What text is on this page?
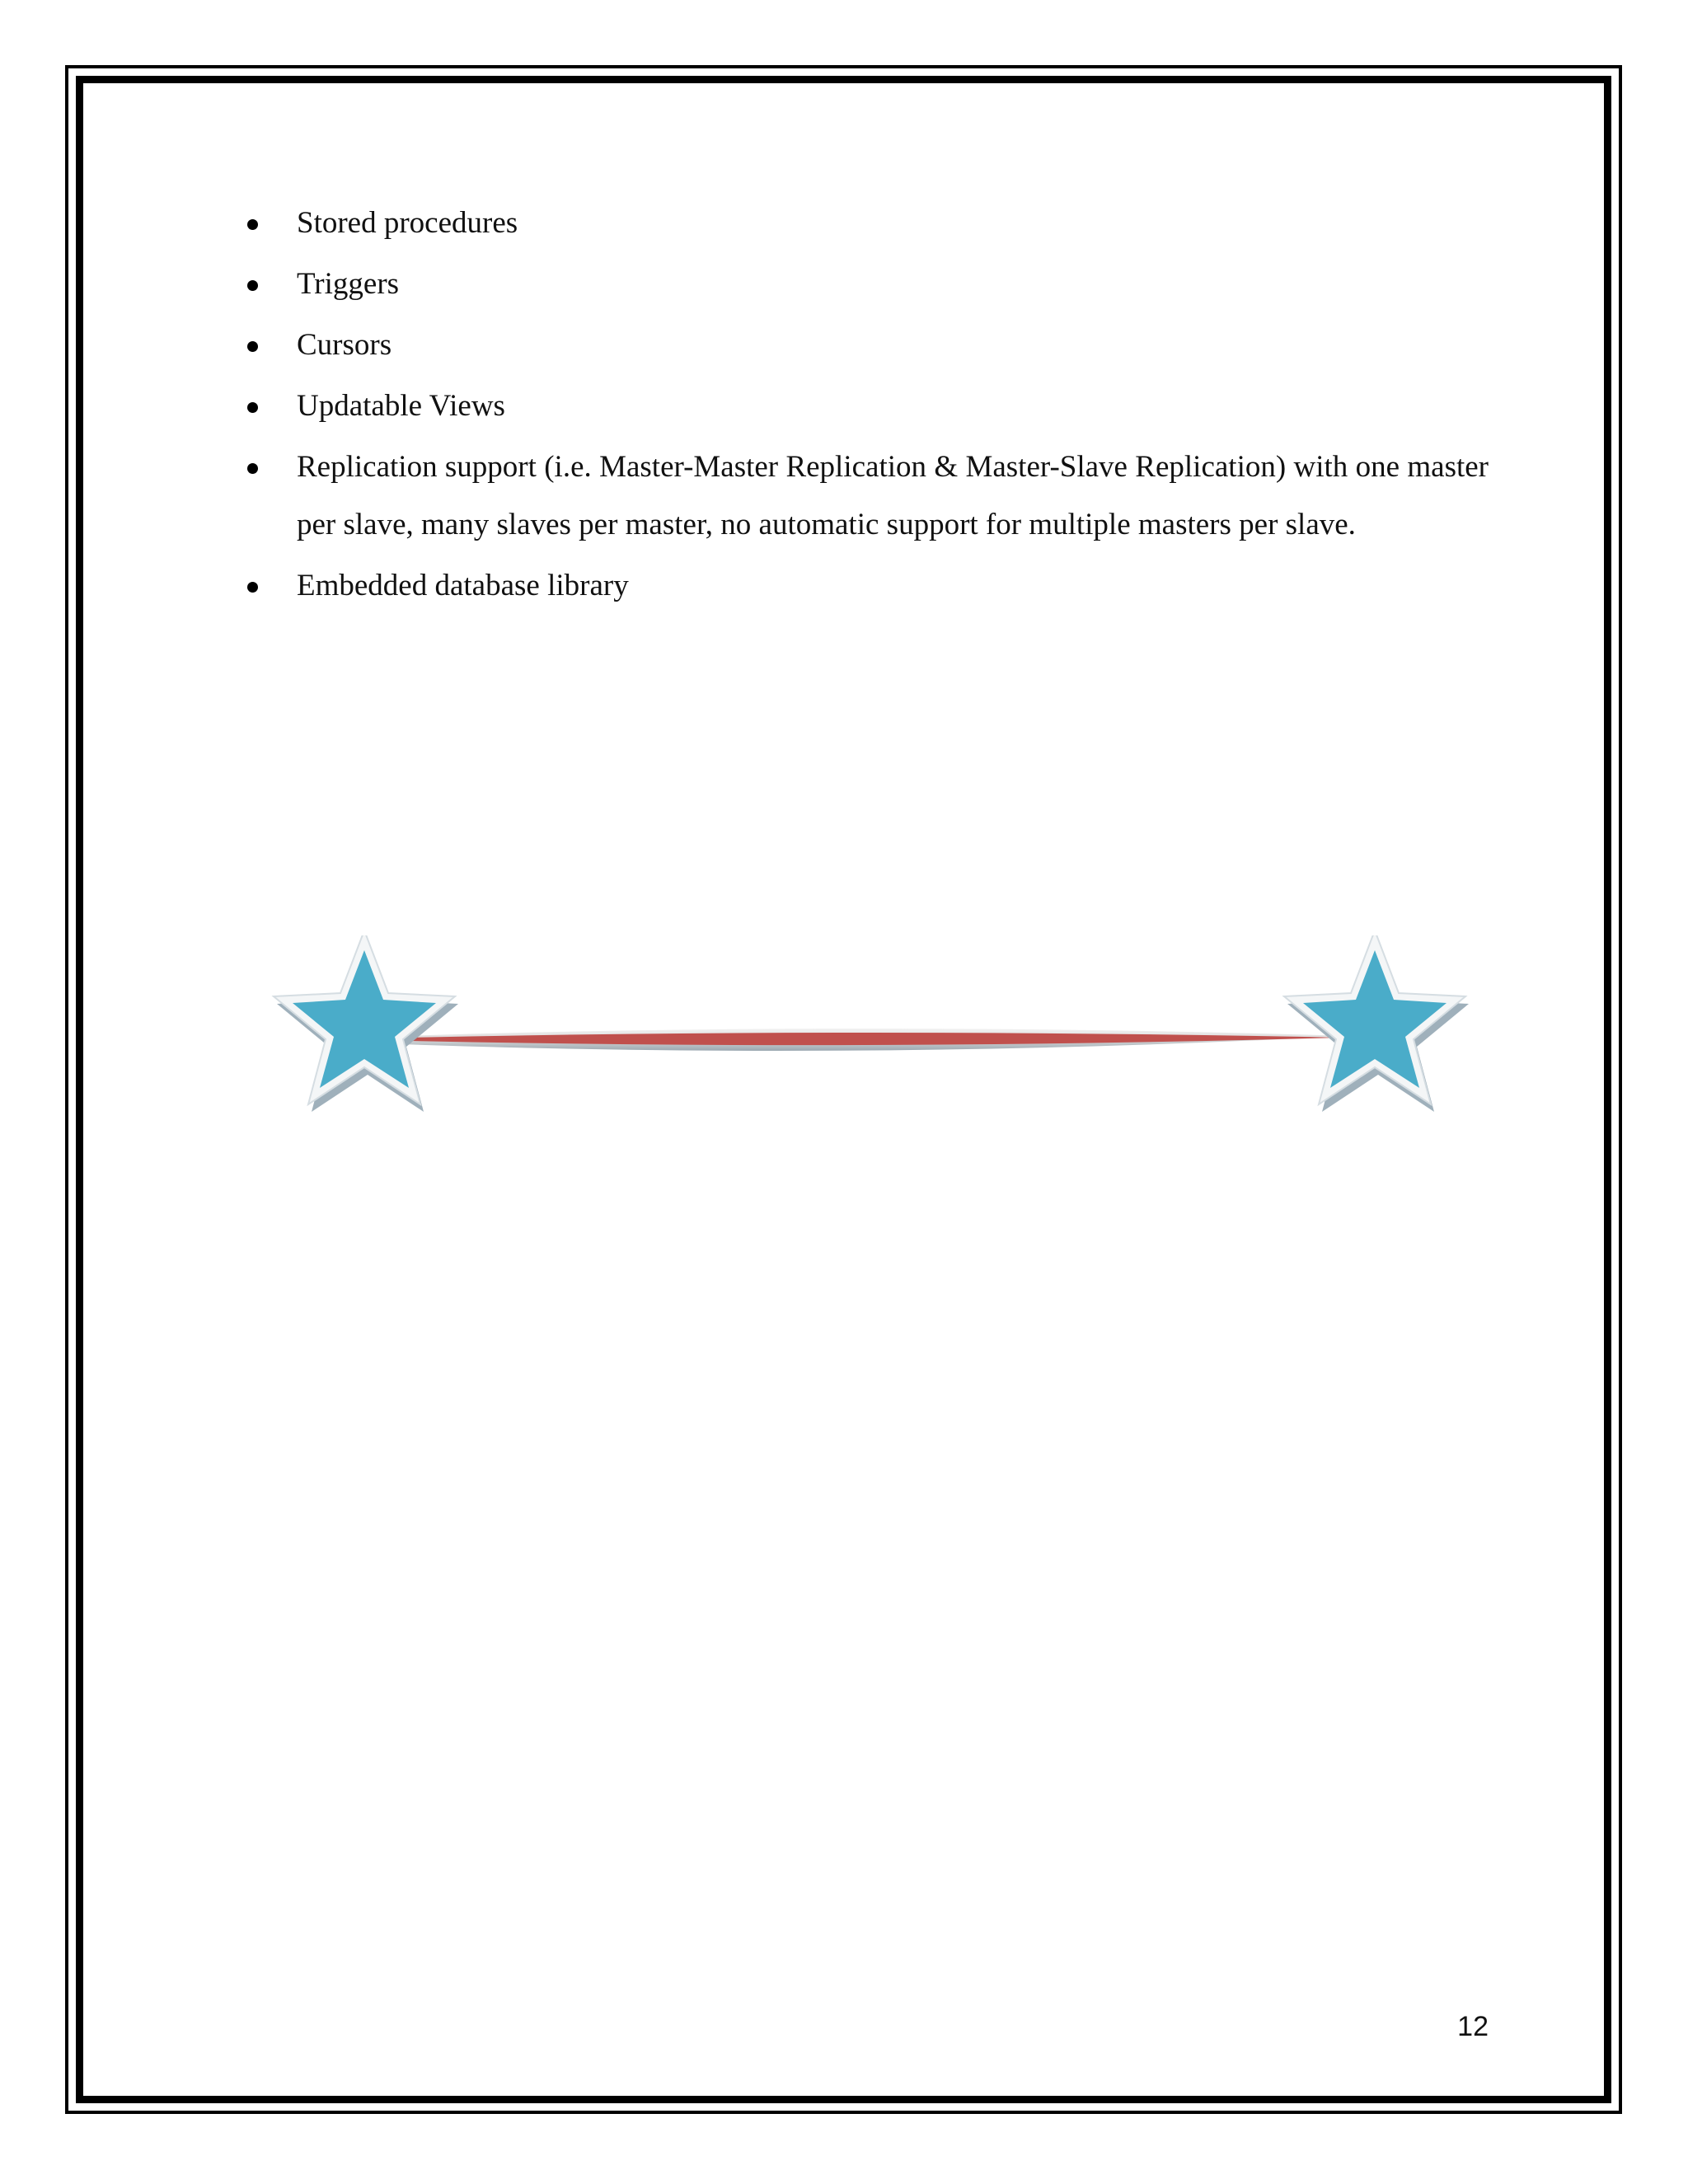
Stored procedures
Triggers
Cursors
Updatable Views
Replication support (i.e. Master-Master Replication & Master-Slave Replication) with one master per slave, many slaves per master, no automatic support for multiple masters per slave.
Embedded database library
12
